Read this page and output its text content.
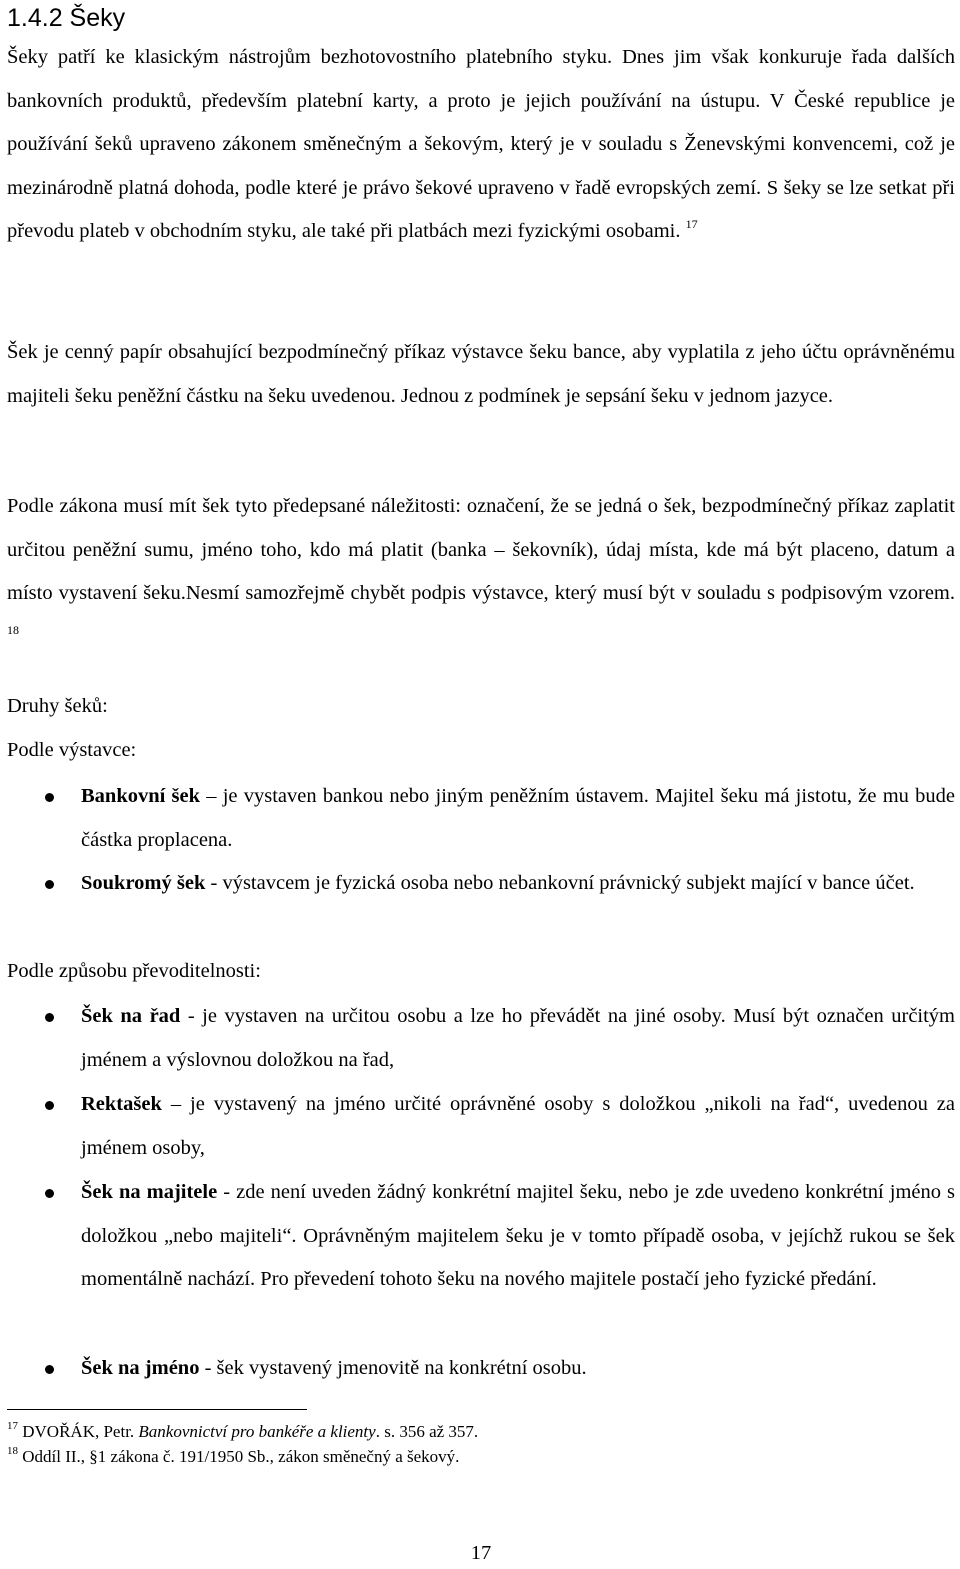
1.4.2 Šeky

Šeky patří ke klasickým nástrojům bezhotovostního platebního styku. Dnes jim však konkuruje řada dalších bankovních produktů, především platební karty, a proto je jejich používání na ústupu. V České republice je používání šeků upraveno zákonem směnečným a šekovým, který je v souladu s Ženevskými konvencemi, což je mezinárodně platná dohoda, podle které je právo šekové upraveno v řadě evropských zemí. S šeky se lze setkat při převodu plateb v obchodním styku, ale také při platbách mezi fyzickými osobami. $^{17}$

Šek je cenný papír obsahující bezpodmínečný příkaz výstavce šeku bance, aby vyplatila z jeho účtu oprávněnému majiteli šeku peněžní částku na šeku uvedenou. Jednou z podmínek je sepsání šeku v jednom jazyce.

Podle zákona musí mít šek tyto předepsané náležitosti: označení, že se jedná o šek, bezpodmínečný příkaz zaplatit určitou peněžní sumu, jméno toho, kdo má platit (banka – šekovník), údaj místa, kde má být placeno, datum a místo vystavení šeku.Nesmí samozřejmě chybět podpis výstavce, který musí být v souladu s podpisovým vzorem. $^{18}$

Druhy šeků:

Podle výstavce:

Bankovní šek – je vystaven bankou nebo jiným peněžním ústavem. Majitel šeku má jistotu, že mu bude částka proplacena.

Soukromý šek - výstavcem je fyzická osoba nebo nebankovní právnický subjekt mající v bance účet.

Podle způsobu převoditelnosti:

Šek na řad - je vystaven na určitou osobu a lze ho převádět na jiné osoby. Musí být označen určitým jménem a výslovnou doložkou na řad,

Rektašek – je vystavený na jméno určité oprávněné osoby s doložkou „nikoli na řad“, uvedenou za jménem osoby,

Šek na majitele - zde není uveden žádný konkrétní majitel šeku, nebo je zde uvedeno konkrétní jméno s doložkou „nebo majiteli“. Oprávněným majitelem šeku je v tomto případě osoba, v jejíchž rukou se šek momentálně nachází. Pro převedení tohoto šeku na nového majitele postačí jeho fyzické předání.

Šek na jméno - šek vystavený jmenovitě na konkrétní osobu.

$^{17}$ DVOŘÁK, Petr. Bankovnictví pro bankéře a klienty. s. 356 až 357.

$^{18}$ Oddíl II., §1 zákona č. 191/1950 Sb., zákon směnečný a šekový.

17
